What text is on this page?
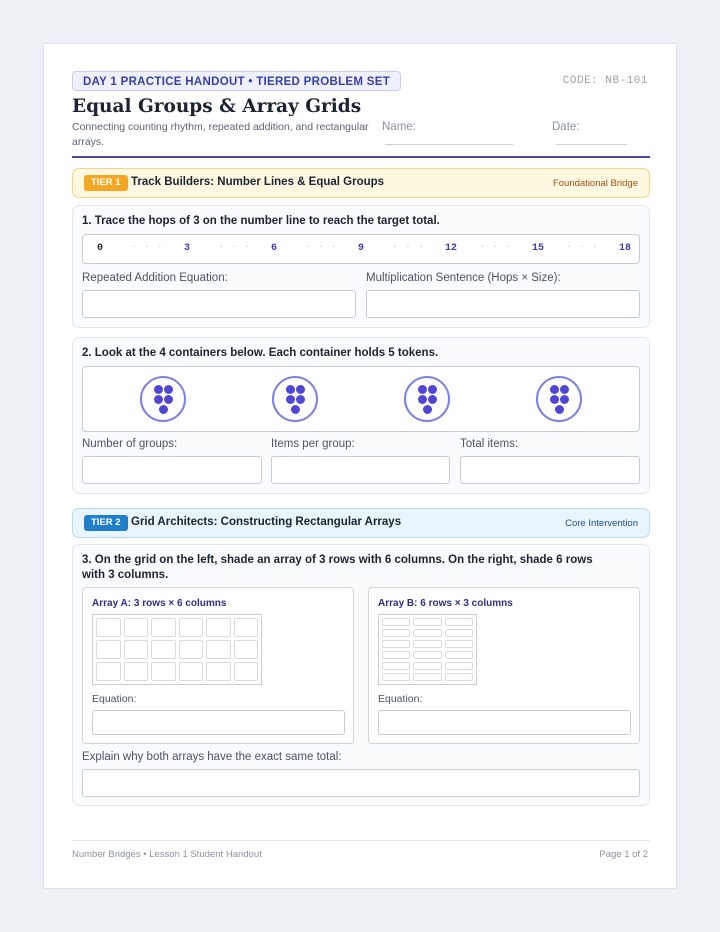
DAY 1 PRACTICE HANDOUT • TIERED PROBLEM SET	CODE: NB-101
Equal Groups & Array Grids
Connecting counting rhythm, repeated addition, and rectangular arrays.
Name:	Date:
TIER 1 Track Builders: Number Lines & Equal Groups	Foundational Bridge
1. Trace the hops of 3 on the number line to reach the target total.
0	· · · 3	· · · 6	· · · 9	· · · 12 · · · 15 · · · 18
Repeated Addition Equation:	Multiplication Sentence (Hops × Size):
2. Look at the 4 containers below. Each container holds 5 tokens.
Number of groups:	Items per group:	Total items:
TIER 2 Grid Architects: Constructing Rectangular Arrays	Core Intervention
3. On the grid on the left, shade an array of 3 rows with 6 columns. On the right, shade 6 rows with 3 columns.
Array A: 3 rows × 6 columns
Equation:
Array B: 6 rows × 3 columns
Equation:
Explain why both arrays have the exact same total:
Number Bridges • Lesson 1 Student Handout	Page 1 of 2
